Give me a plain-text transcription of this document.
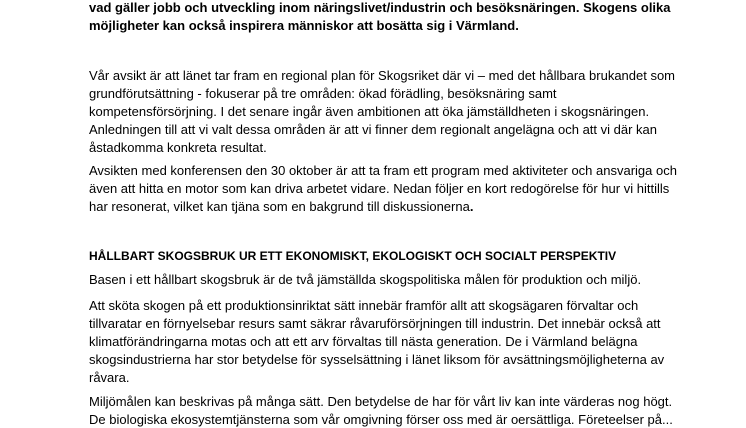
vad gäller jobb och utveckling inom näringslivet/industrin och besöksnäringen. Skogens olika
möjligheter kan också inspirera människor att bosätta sig i Värmland.
Vår avsikt är att länet tar fram en regional plan för Skogsriket där vi – med det hållbara brukandet som
grundförutsättning - fokuserar på tre områden: ökad förädling, besöksnäring samt
kompetensförsörjning. I det senare ingår även ambitionen att öka jämställdheten i skogsnäringen.
Anledningen till att vi valt dessa områden är att vi finner dem regionalt angelägna och att vi där kan
åstadkomma konkreta resultat.
Avsikten med konferensen den 30 oktober är att ta fram ett program med aktiviteter och ansvariga och
även att hitta en motor som kan driva arbetet vidare. Nedan följer en kort redogörelse för hur vi hittills
har resonerat, vilket kan tjäna som en bakgrund till diskussionerna.
HÅLLBART SKOGSBRUK UR ETT EKONOMISKT, EKOLOGISKT OCH SOCIALT PERSPEKTIV
Basen i ett hållbart skogsbruk är de två jämställda skogspolitiska målen för produktion och miljö.
Att sköta skogen på ett produktionsinriktat sätt innebär framför allt att skogsägaren förvaltar och
tillvaratar en förnyelsebar resurs samt säkrar råvaruförsörjningen till industrin. Det innebär också att
klimatförändringarna motas och att ett arv förvaltas till nästa generation. De i Värmland belägna
skogsindustrierna har stor betydelse för sysselsättning i länet liksom för avsättningsmöjligheterna av
råvara.
Miljömålen kan beskrivas på många sätt. Den betydelse de har för vårt liv kan inte värderas nog högt.
De biologiska ekosystemtjänsterna som vår omgivning förser oss med är oersättliga. Företeelser på...
